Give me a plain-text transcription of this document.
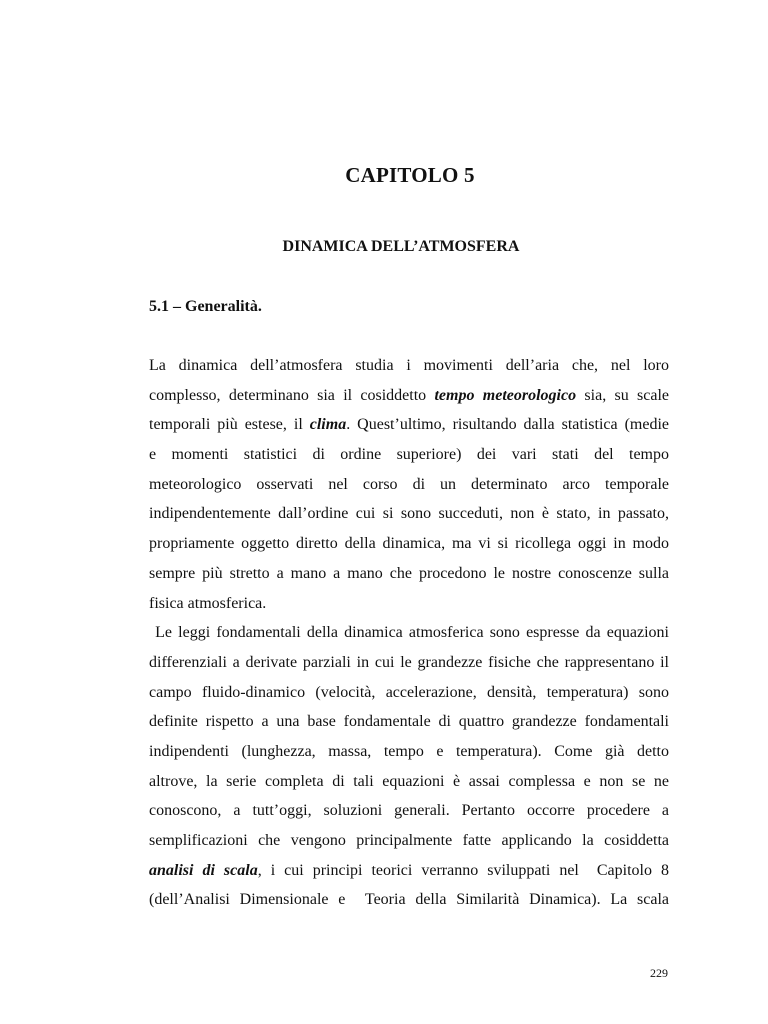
CAPITOLO 5
DINAMICA DELL’ATMOSFERA
5.1 – Generalità.
La dinamica dell’atmosfera studia i movimenti dell’aria che, nel loro
complesso, determinano sia il cosiddetto tempo meteorologico sia, su scale
temporali più estese, il clima. Quest’ultimo, risultando dalla statistica (medie
e momenti statistici di ordine superiore) dei vari stati del tempo
meteorologico osservati nel corso di un determinato arco temporale
indipendentemente dall’ordine cui si sono succeduti, non è stato, in passato,
propriamente oggetto diretto della dinamica, ma vi si ricollega oggi in modo
sempre più stretto a mano a mano che procedono le nostre conoscenze sulla
fisica atmosferica.
Le leggi fondamentali della dinamica atmosferica sono espresse da equazioni
differenziali a derivate parziali in cui le grandezze fisiche che rappresentano il
campo fluido-dinamico (velocità, accelerazione, densità, temperatura) sono
definite rispetto a una base fondamentale di quattro grandezze fondamentali
indipendenti (lunghezza, massa, tempo e temperatura). Come già detto
altrove, la serie completa di tali equazioni è assai complessa e non se ne
conoscono, a tutt’oggi, soluzioni generali. Pertanto occorre procedere a
semplificazioni che vengono principalmente fatte applicando la cosiddetta
analisi di scala, i cui principi teorici verranno sviluppati nel  Capitolo 8
(dell’Analisi Dimensionale e  Teoria della Similarità Dinamica). La scala
229
